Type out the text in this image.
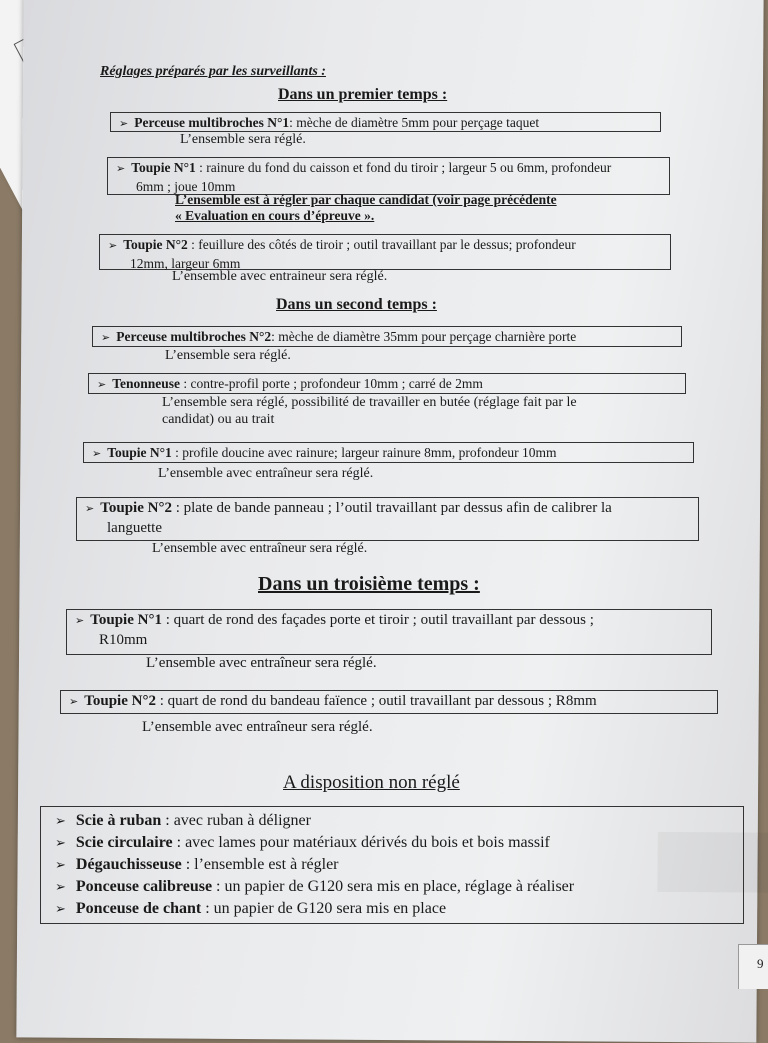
Réglages préparés par les surveillants :
Dans un premier temps :
➢ Perceuse multibroches N°1: mèche de diamètre 5mm pour perçage taquet
L’ensemble sera réglé.
➢ Toupie N°1 : rainure du fond du caisson et fond du tiroir ; largeur 5 ou 6mm, profondeur
6mm ; joue 10mm
L’ensemble est à régler par chaque candidat (voir page précédente
« Evaluation en cours d’épreuve ».
➢ Toupie N°2 : feuillure des côtés de tiroir ; outil travaillant par le dessus; profondeur
12mm, largeur 6mm
L’ensemble avec entraineur sera réglé.
Dans un second temps :
➢ Perceuse multibroches N°2: mèche de diamètre 35mm pour perçage charnière porte
L’ensemble sera réglé.
➢ Tenonneuse : contre-profil porte ; profondeur 10mm ; carré de 2mm
L’ensemble sera réglé, possibilité de travailler en butée (réglage fait par le
candidat) ou au trait
➢ Toupie N°1 : profile doucine avec rainure; largeur rainure 8mm, profondeur 10mm
L’ensemble avec entraîneur sera réglé.
➢ Toupie N°2 : plate de bande panneau ; l’outil travaillant par dessus afin de calibrer la
languette
L’ensemble avec entraîneur sera réglé.
Dans un troisième temps :
➢ Toupie N°1 : quart de rond des façades porte et tiroir ; outil travaillant par dessous ;
R10mm
L’ensemble avec entraîneur sera réglé.
➢ Toupie N°2 : quart de rond du bandeau faïence ; outil travaillant par dessous ; R8mm
L’ensemble avec entraîneur sera réglé.
A disposition non réglé
➢ Scie à ruban : avec ruban à déligner
➢ Scie circulaire : avec lames pour matériaux dérivés du bois et bois massif
➢ Dégauchisseuse : l’ensemble est à régler
➢ Ponceuse calibreuse : un papier de G120 sera mis en place, réglage à réaliser
➢ Ponceuse de chant : un papier de G120 sera mis en place
9
